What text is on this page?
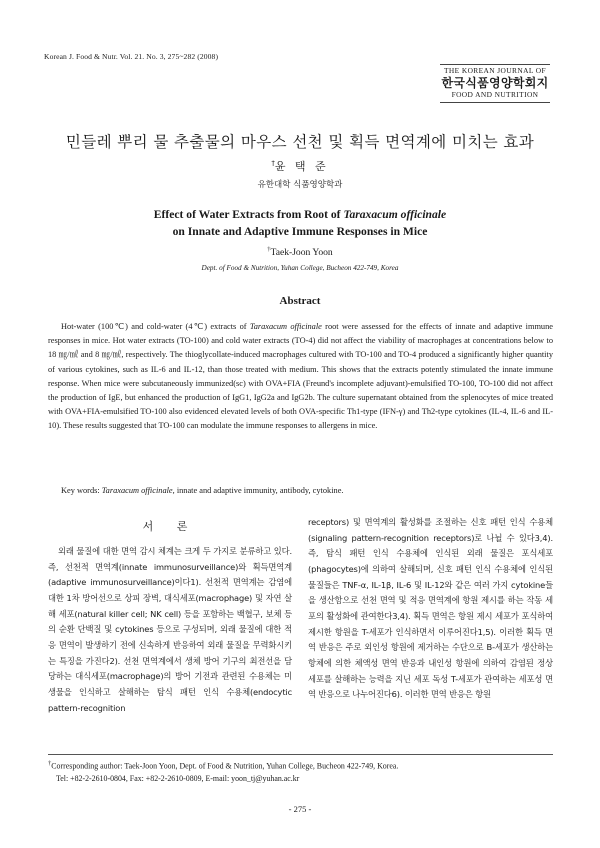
Korean J. Food & Nutr. Vol. 21. No. 3, 275~282 (2008)
THE KOREAN JOURNAL OF
한국식품영양학회지
FOOD AND NUTRITION
민들레 뿌리 물 추출물의 마우스 선천 및 획득 면역계에 미치는 효과
†윤 택 준
유한대학 식품영양학과
Effect of Water Extracts from Root of Taraxacum officinale
on Innate and Adaptive Immune Responses in Mice
†Taek-Joon Yoon
Dept. of Food & Nutrition, Yuhan College, Bucheon 422-749, Korea
Abstract
Hot-water (100℃) and cold-water (4℃) extracts of Taraxacum officinale root were assessed for the effects of innate and adaptive immune responses in mice. Hot water extracts (TO-100) and cold water extracts (TO-4) did not affect the viability of macrophages at concentrations below to 18 ㎎/㎖ and 8 ㎎/㎖, respectively. The thioglycollate-induced macrophages cultured with TO-100 and TO-4 produced a significantly higher quantity of various cytokines, such as IL-6 and IL-12, than those treated with medium. This shows that the extracts potently stimulated the innate immune response. When mice were subcutaneously immunized(sc) with OVA+FIA (Freund's incomplete adjuvant)-emulsified TO-100, TO-100 did not affect the production of IgE, but enhanced the production of IgG1, IgG2a and IgG2b. The culture supernatant obtained from the splenocytes of mice treated with OVA+FIA-emulsified TO-100 also evidenced elevated levels of both OVA-specific Th1-type (IFN-γ) and Th2-type cytokines (IL-4, IL-6 and IL-10). These results suggested that TO-100 can modulate the immune responses to allergens in mice.
Key words: Taraxacum officinale, innate and adaptive immunity, antibody, cytokine.
서 론

외래 물질에 대한 면역 감시 체계는 크게 두 가지로 분류하고 있다. 즉, 선천적 면역계(innate immunosurveillance)와 획득면역계(adaptive immunosurveillance)이다1). 선천적 면역계는 감염에 대한 1차 방어선으로 상피 장벽, 대식세포(macrophage) 및 자연 살해 세포(natural killer cell; NK cell) 등을 포함하는 백혈구, 보체 등의 순환 단백질 및 cytokines 등으로 구성되며, 외래 물질에 대한 적응 면역이 발생하기 전에 신속하게 반응하여 외래 물질을 무력화시키는 특징을 가진다2). 선천 면역계에서 생체 방어 기구의 최전선을 담당하는 대식세포(macrophage)의 방어 기전과 관련된 수용체는 미생물을 인식하고 살해하는 탐식 패턴 인식 수용체(endocytic pattern-recognition

receptors) 및 면역계의 활성화를 조절하는 신호 패턴 인식 수용체(signaling pattern-recognition receptors)로 나뉠 수 있다3,4). 즉, 탐식 패턴 인식 수용체에 인식된 외래 물질은 포식세포(phagocytes)에 의하여 살해되며, 신호 패턴 인식 수용체에 인식된 물질들은 TNF-α, IL-1β, IL-6 및 IL-12와 같은 여러 가지 cytokine들을 생산함으로 선천 면역 및 적응 면역계에 항원 제시를 하는 작동 세포의 활성화에 관여한다3,4). 획득 면역은 항원 제시 세포가 포식하여 제시한 항원을 T-세포가 인식하면서 이루어진다1,5). 이러한 획득 면역 반응은 주로 외인성 항원에 제거하는 수단으로 B-세포가 생산하는 항체에 의한 체액성 면역 반응과 내인성 항원에 의하여 감염된 정상 세포를 살해하는 능력을 지닌 세포 독성 T-세포가 관여하는 세포성 면역 반응으로 나누어진다6). 이러한 면역 반응은 항원

†Corresponding author: Taek-Joon Yoon, Dept. of Food & Nutrition, Yuhan College, Bucheon 422-749, Korea.
Tel: +82-2-2610-0804, Fax: +82-2-2610-0809, E-mail: yoon_tj@yuhan.ac.kr
- 275 -
